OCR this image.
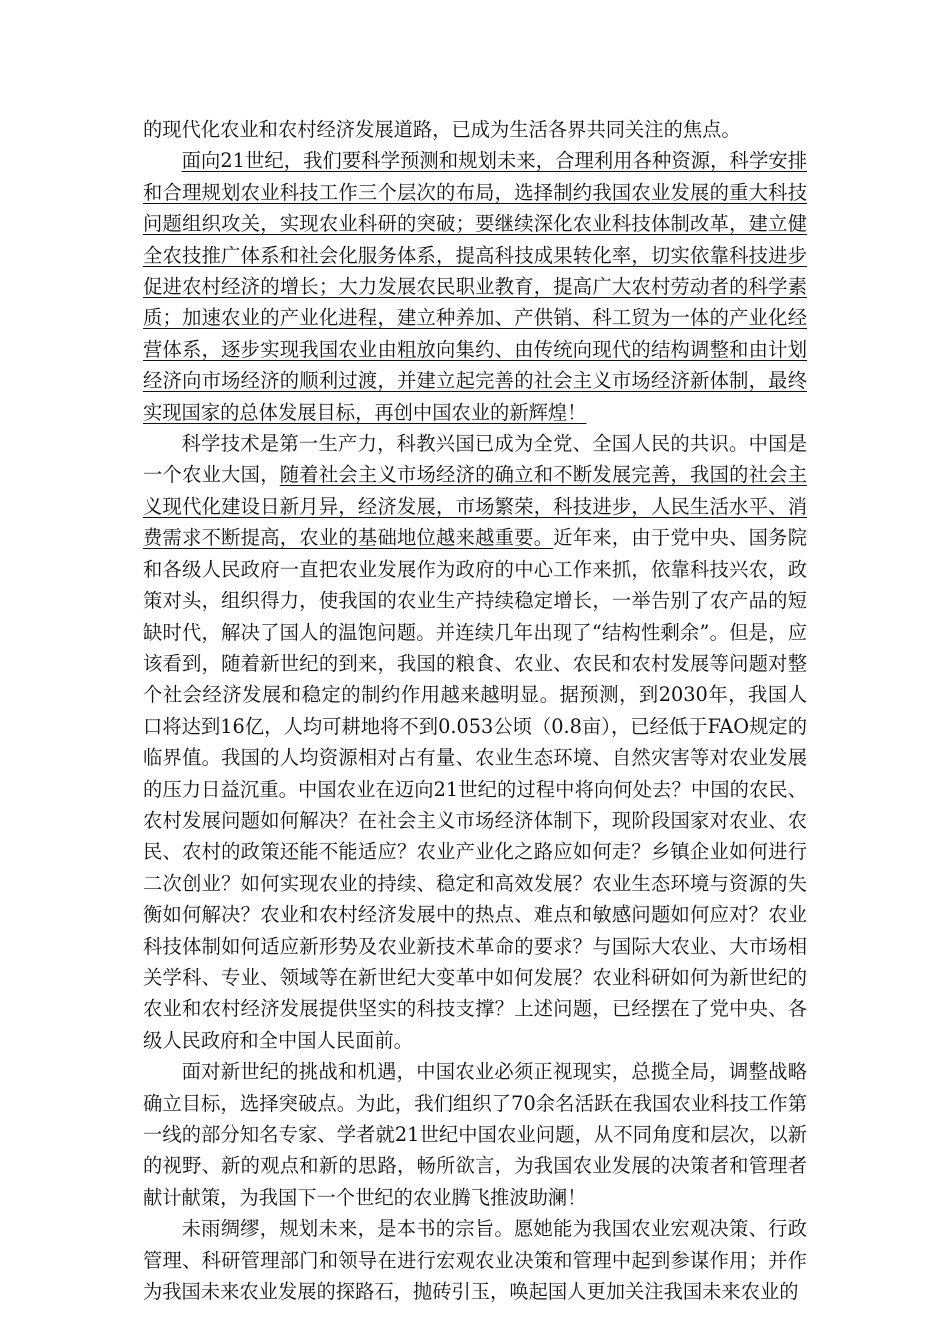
的现代化农业和农村经济发展道路，已成为生活各界共同关注的焦点。

面向21世纪，我们要科学预测和规划未来，合理利用各种资源，科学安排和合理规划农业科技工作三个层次的布局，选择制约我国农业发展的重大科技问题组织攻关，实现农业科研的突破；要继续深化农业科技体制改革，建立健全农技推广体系和社会化服务体系，提高科技成果转化率，切实依靠科技进步促进农村经济的增长；大力发展农民职业教育，提高广大农村劳动者的科学素质；加速农业的产业化进程，建立种养加、产供销、科工贸为一体的产业化经营体系，逐步实现我国农业由粗放向集约、由传统向现代的结构调整和由计划经济向市场经济的顺利过渡，并建立起完善的社会主义市场经济新体制，最终实现国家的总体发展目标，再创中国农业的新辉煌！

科学技术是第一生产力，科教兴国已成为全党、全国人民的共识。中国是一个农业大国，随着社会主义市场经济的确立和不断发展完善，我国的社会主义现代化建设日新月异，经济发展，市场繁荣，科技进步，人民生活水平、消费需求不断提高，农业的基础地位越来越重要。近年来，由于党中央、国务院和各级人民政府一直把农业发展作为政府的中心工作来抓，依靠科技兴农，政策对头，组织得力，使我国的农业生产持续稳定增长，一举告别了农产品的短缺时代，解决了国人的温饱问题。并连续几年出现了“结构性剩余”。但是，应该看到，随着新世纪的到来，我国的粮食、农业、农民和农村发展等问题对整个社会经济发展和稳定的制约作用越来越明显。据预测，到2030年，我国人口将达到16亿，人均可耕地将不到0.053公顷（0.8亩），已经低于FAO规定的临界值。我国的人均资源相对占有量、农业生态环境、自然灾害等对农业发展的压力日益沉重。中国农业在迈向21世纪的过程中将向何处去？中国的农民、农村发展问题如何解决？在社会主义市场经济体制下，现阶段国家对农业、农民、农村的政策还能不能适应？农业产业化之路应如何走？乡镇企业如何进行二次创业？如何实现农业的持续、稳定和高效发展？农业生态环境与资源的失衡如何解决？农业和农村经济发展中的热点、难点和敏感问题如何应对？农业科技体制如何适应新形势及农业新技术革命的要求？与国际大农业、大市场相关学科、专业、领域等在新世纪大变革中如何发展？农业科研如何为新世纪的农业和农村经济发展提供坚实的科技支撑？上述问题，已经摆在了党中央、各级人民政府和全中国人民面前。

面对新世纪的挑战和机遇，中国农业必须正视现实，总揽全局，调整战略确立目标，选择突破点。为此，我们组织了70余名活跃在我国农业科技工作第一线的部分知名专家、学者就21世纪中国农业问题，从不同角度和层次，以新的视野、新的观点和新的思路，畅所欲言，为我国农业发展的决策者和管理者献计献策，为我国下一个世纪的农业腾飞推波助澜！

未雨绸缪，规划未来，是本书的宗旨。愿她能为我国农业宏观决策、行政管理、科研管理部门和领导在进行宏观农业决策和管理中起到参谋作用；并作为我国未来农业发展的探路石，抛砖引玉，唤起国人更加关注我国未来农业的
